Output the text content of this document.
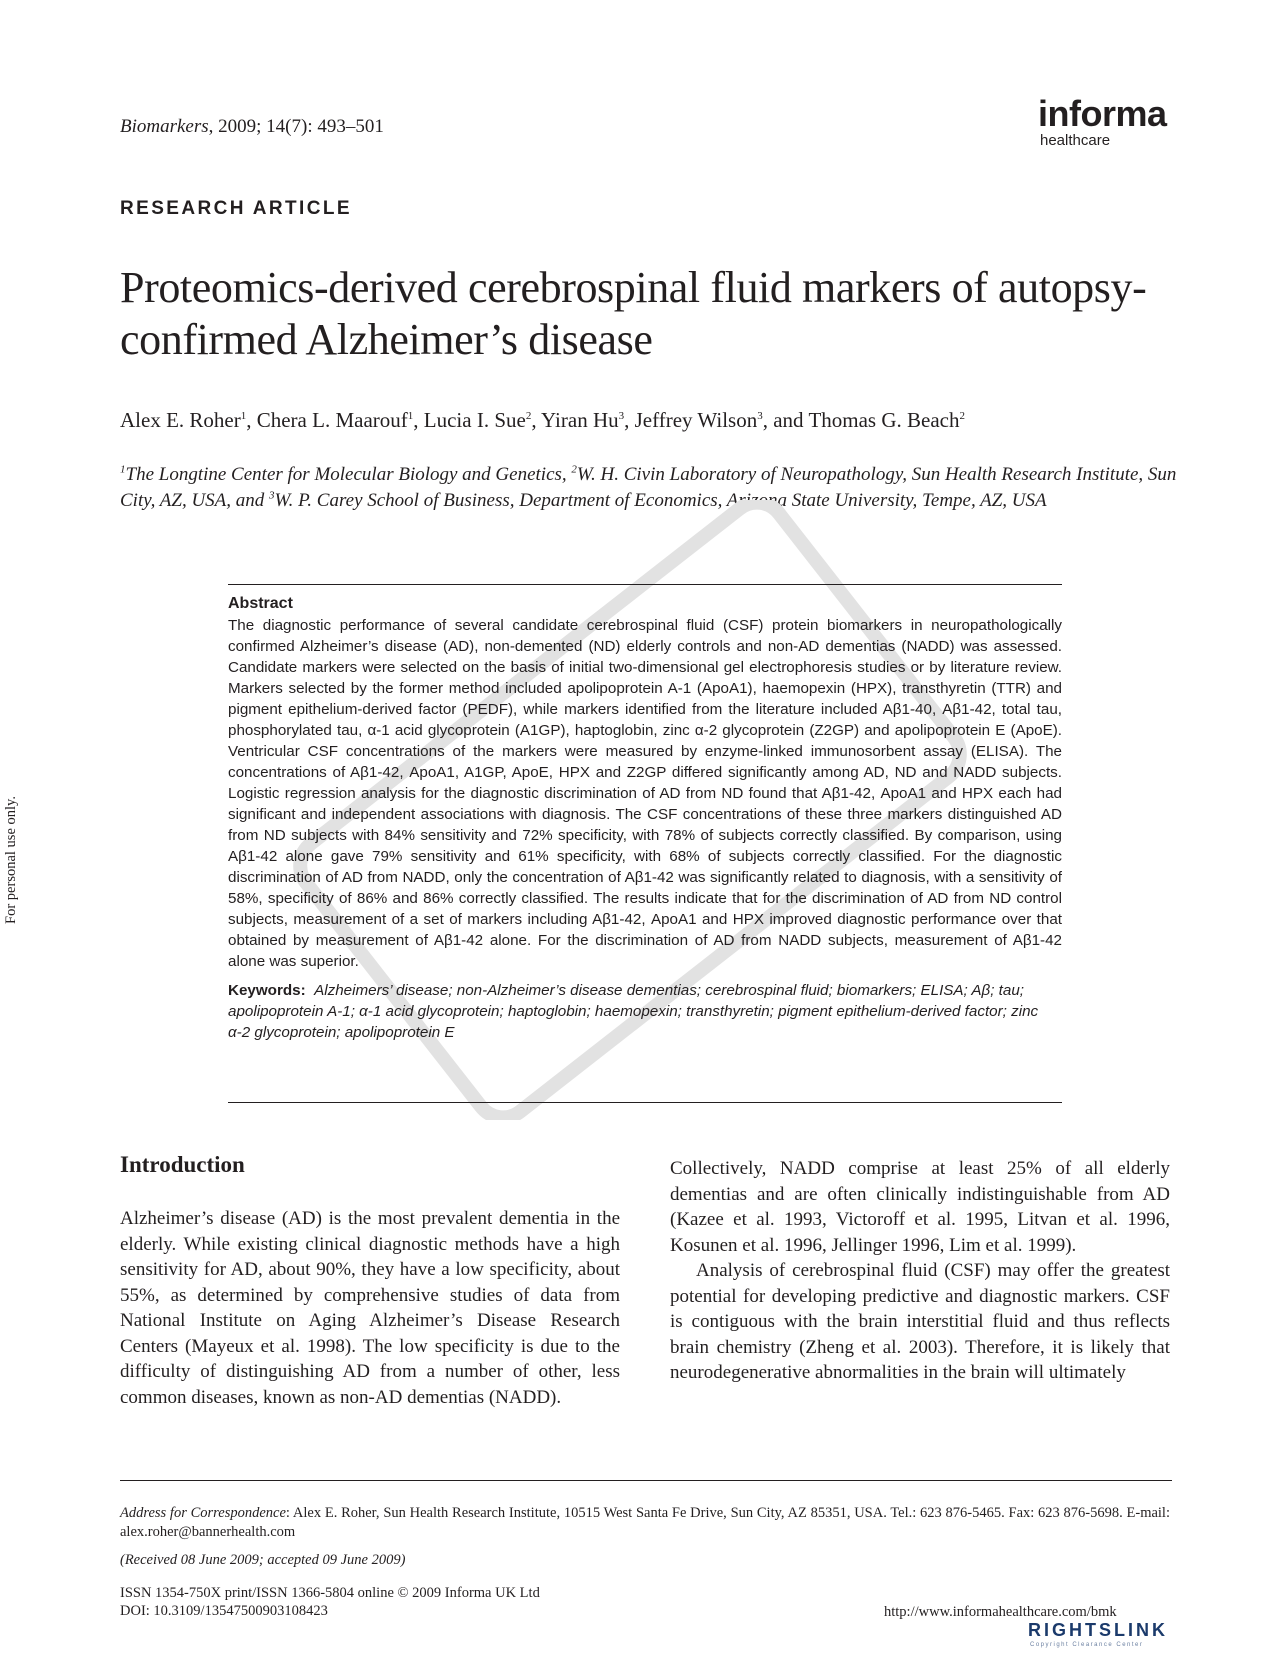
Biomarkers, 2009; 14(7): 493–501	informa
healthcare
RESEARCH ARTICLE
Proteomics-derived cerebrospinal fluid markers of autopsy-confirmed Alzheimer’s disease
Alex E. Roher$^1$, Chera L. Maarouf$^1$, Lucia I. Sue$^2$, Yiran Hu$^3$, Jeffrey Wilson$^3$, and Thomas G. Beach$^2$
$^1$The Longtine Center for Molecular Biology and Genetics, $^2$W. H. Civin Laboratory of Neuropathology, Sun Health Research Institute, Sun City, AZ, USA, and $^3$W. P. Carey School of Business, Department of Economics, Arizona State University, Tempe, AZ, USA
Abstract
The diagnostic performance of several candidate cerebrospinal fluid (CSF) protein biomarkers in neuropathologically confirmed Alzheimer’s disease (AD), non-demented (ND) elderly controls and non-AD dementias (NADD) was assessed. Candidate markers were selected on the basis of initial two-dimensional gel electrophoresis studies or by literature review. Markers selected by the former method included apolipoprotein A-1 (ApoA1), haemopexin (HPX), transthyretin (TTR) and pigment epithelium-derived factor (PEDF), while markers identified from the literature included Aβ1-40, Aβ1-42, total tau, phosphorylated tau, α-1 acid glycoprotein (A1GP), haptoglobin, zinc α-2 glycoprotein (Z2GP) and apolipoprotein E (ApoE). Ventricular CSF concentrations of the markers were measured by enzyme-linked immunosorbent assay (ELISA). The concentrations of Aβ1-42, ApoA1, A1GP, ApoE, HPX and Z2GP differed significantly among AD, ND and NADD subjects. Logistic regression analysis for the diagnostic discrimination of AD from ND found that Aβ1-42, ApoA1 and HPX each had significant and independent associations with diagnosis. The CSF concentrations of these three markers distinguished AD from ND subjects with 84% sensitivity and 72% specificity, with 78% of subjects correctly classified. By comparison, using Aβ1-42 alone gave 79% sensitivity and 61% specificity, with 68% of subjects correctly classified. For the diagnostic discrimination of AD from NADD, only the concentration of Aβ1-42 was significantly related to diagnosis, with a sensitivity of 58%, specificity of 86% and 86% correctly classified. The results indicate that for the discrimination of AD from ND control subjects, measurement of a set of markers including Aβ1-42, ApoA1 and HPX improved diagnostic performance over that obtained by measurement of Aβ1-42 alone. For the discrimination of AD from NADD subjects, measurement of Aβ1-42 alone was superior.
Keywords: Alzheimers’ disease; non-Alzheimer’s disease dementias; cerebrospinal fluid; biomarkers; ELISA; Aβ; tau; apolipoprotein A-1; α-1 acid glycoprotein; haptoglobin; haemopexin; transthyretin; pigment epithelium-derived factor; zinc α-2 glycoprotein; apolipoprotein E
Introduction

Alzheimer’s disease (AD) is the most prevalent dementia in the elderly. While existing clinical diagnostic methods have a high sensitivity for AD, about 90%, they have a low specificity, about 55%, as determined by comprehensive studies of data from National Institute on Aging Alzheimer’s Disease Research Centers (Mayeux et al. 1998). The low specificity is due to the difficulty of distinguishing AD from a number of other, less common diseases, known as non-AD dementias (NADD).

Collectively, NADD comprise at least 25% of all elderly dementias and are often clinically indistinguishable from AD (Kazee et al. 1993, Victoroff et al. 1995, Litvan et al. 1996, Kosunen et al. 1996, Jellinger 1996, Lim et al. 1999).

Analysis of cerebrospinal fluid (CSF) may offer the greatest potential for developing predictive and diagnostic markers. CSF is contiguous with the brain interstitial fluid and thus reflects brain chemistry (Zheng et al. 2003). Therefore, it is likely that neurodegenerative abnormalities in the brain will ultimately

Address for Correspondence: Alex E. Roher, Sun Health Research Institute, 10515 West Santa Fe Drive, Sun City, AZ 85351, USA. Tel.: 623 876-5465. Fax: 623 876-5698. E-mail: alex.roher@bannerhealth.com
(Received 08 June 2009; accepted 09 June 2009)
ISSN 1354-750X print/ISSN 1366-5804 online © 2009 Informa UK Ltd
DOI: 10.3109/13547500903108423	http://www.informahealthcare.com/bmk
RIGHTSLINK
Copyright Clearance Center
For personal use only.
